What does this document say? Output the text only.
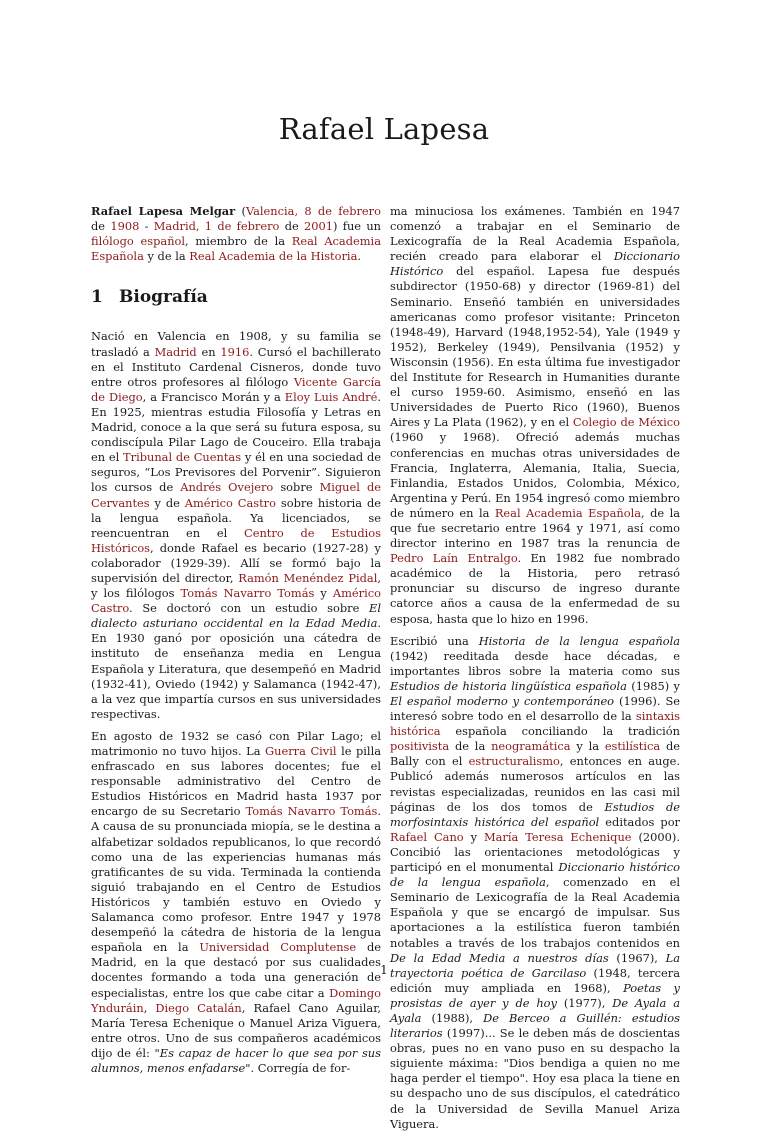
Rafael Lapesa

Rafael Lapesa Melgar (Valencia, 8 de febrero de 1908 - Madrid, 1 de febrero de 2001) fue un filólogo español, miembro de la Real Academia Española y de la Real Academia de la Historia.

1 Biografía

Nació en Valencia en 1908, y su familia se trasladó a Madrid en 1916. Cursó el bachillerato en el Instituto Cardenal Cisneros, donde tuvo entre otros profesores al filólogo Vicente García de Diego, a Francisco Morán y a Eloy Luis André. En 1925, mientras estudia Filosofía y Letras en Madrid, conoce a la que será su futura esposa, su condiscípula Pilar Lago de Couceiro. Ella trabaja en el Tribunal de Cuentas y él en una sociedad de seguros, “Los Previsores del Porvenir”. Siguieron los cursos de Andrés Ovejero sobre Miguel de Cervantes y de Américo Castro sobre historia de la lengua española. Ya licenciados, se reencuentran en el Centro de Estudios Históricos, donde Rafael es becario (1927-28) y colaborador (1929-39). Allí se formó bajo la supervisión del director, Ramón Menéndez Pidal, y los filólogos Tomás Navarro Tomás y Américo Castro. Se doctoró con un estudio sobre El dialecto asturiano occidental en la Edad Media. En 1930 ganó por oposición una cátedra de instituto de enseñanza media en Lengua Española y Literatura, que desempeñó en Madrid (1932-41), Oviedo (1942) y Salamanca (1942-47), a la vez que impartía cursos en sus universidades respectivas.

En agosto de 1932 se casó con Pilar Lago; el matrimonio no tuvo hijos. La Guerra Civil le pilla enfrascado en sus labores docentes; fue el responsable administrativo del Centro de Estudios Históricos en Madrid hasta 1937 por encargo de su Secretario Tomás Navarro Tomás. A causa de su pronunciada miopía, se le destina a alfabetizar soldados republicanos, lo que recordó como una de las experiencias humanas más gratificantes de su vida. Terminada la contienda siguió trabajando en el Centro de Estudios Históricos y también estuvo en Oviedo y Salamanca como profesor. Entre 1947 y 1978 desempeñó la cátedra de historia de la lengua española en la Universidad Complutense de Madrid, en la que destacó por sus cualidades docentes formando a toda una generación de especialistas, entre los que cabe citar a Domingo Ynduráin, Diego Catalán, Rafael Cano Aguilar, María Teresa Echenique o Manuel Ariza Viguera, entre otros. Uno de sus compañeros académicos dijo de él: "Es capaz de hacer lo que sea por sus alumnos, menos enfadarse". Corregía de for-

ma minuciosa los exámenes. También en 1947 comenzó a trabajar en el Seminario de Lexicografía de la Real Academia Española, recién creado para elaborar el Diccionario Histórico del español. Lapesa fue después subdirector (1950-68) y director (1969-81) del Seminario. Enseñó también en universidades americanas como profesor visitante: Princeton (1948-49), Harvard (1948,1952-54), Yale (1949 y 1952), Berkeley (1949), Pensilvania (1952) y Wisconsin (1956). En esta última fue investigador del Institute for Research in Humanities durante el curso 1959-60. Asimismo, enseñó en las Universidades de Puerto Rico (1960), Buenos Aires y La Plata (1962), y en el Colegio de México (1960 y 1968). Ofreció además muchas conferencias en muchas otras universidades de Francia, Inglaterra, Alemania, Italia, Suecia, Finlandia, Estados Unidos, Colombia, México, Argentina y Perú. En 1954 ingresó como miembro de número en la Real Academia Española, de la que fue secretario entre 1964 y 1971, así como director interino en 1987 tras la renuncia de Pedro Laín Entralgo. En 1982 fue nombrado académico de la Historia, pero retrasó pronunciar su discurso de ingreso durante catorce años a causa de la enfermedad de su esposa, hasta que lo hizo en 1996.

Escribió una Historia de la lengua española (1942) reeditada desde hace décadas, e importantes libros sobre la materia como sus Estudios de historia lingüística española (1985) y El español moderno y contemporáneo (1996). Se interesó sobre todo en el desarrollo de la sintaxis histórica española conciliando la tradición positivista de la neogramática y la estilística de Bally con el estructuralismo, entonces en auge. Publicó además numerosos artículos en las revistas especializadas, reunidos en las casi mil páginas de los dos tomos de Estudios de morfosintaxis histórica del español editados por Rafael Cano y María Teresa Echenique (2000). Concibió las orientaciones metodológicas y participó en el monumental Diccionario histórico de la lengua española, comenzado en el Seminario de Lexicografía de la Real Academia Española y que se encargó de impulsar. Sus aportaciones a la estilística fueron también notables a través de los trabajos contenidos en De la Edad Media a nuestros días (1967), La trayectoria poética de Garcilaso (1948, tercera edición muy ampliada en 1968), Poetas y prosistas de ayer y de hoy (1977), De Ayala a Ayala (1988), De Berceo a Guillén: estudios literarios (1997)... Se le deben más de doscientas obras, pues no en vano puso en su despacho la siguiente máxima: "Dios bendiga a quien no me haga perder el tiempo". Hoy esa placa la tiene en su despacho uno de sus discípulos, el catedrático de la Universidad de Sevilla Manuel Ariza Viguera.

1
